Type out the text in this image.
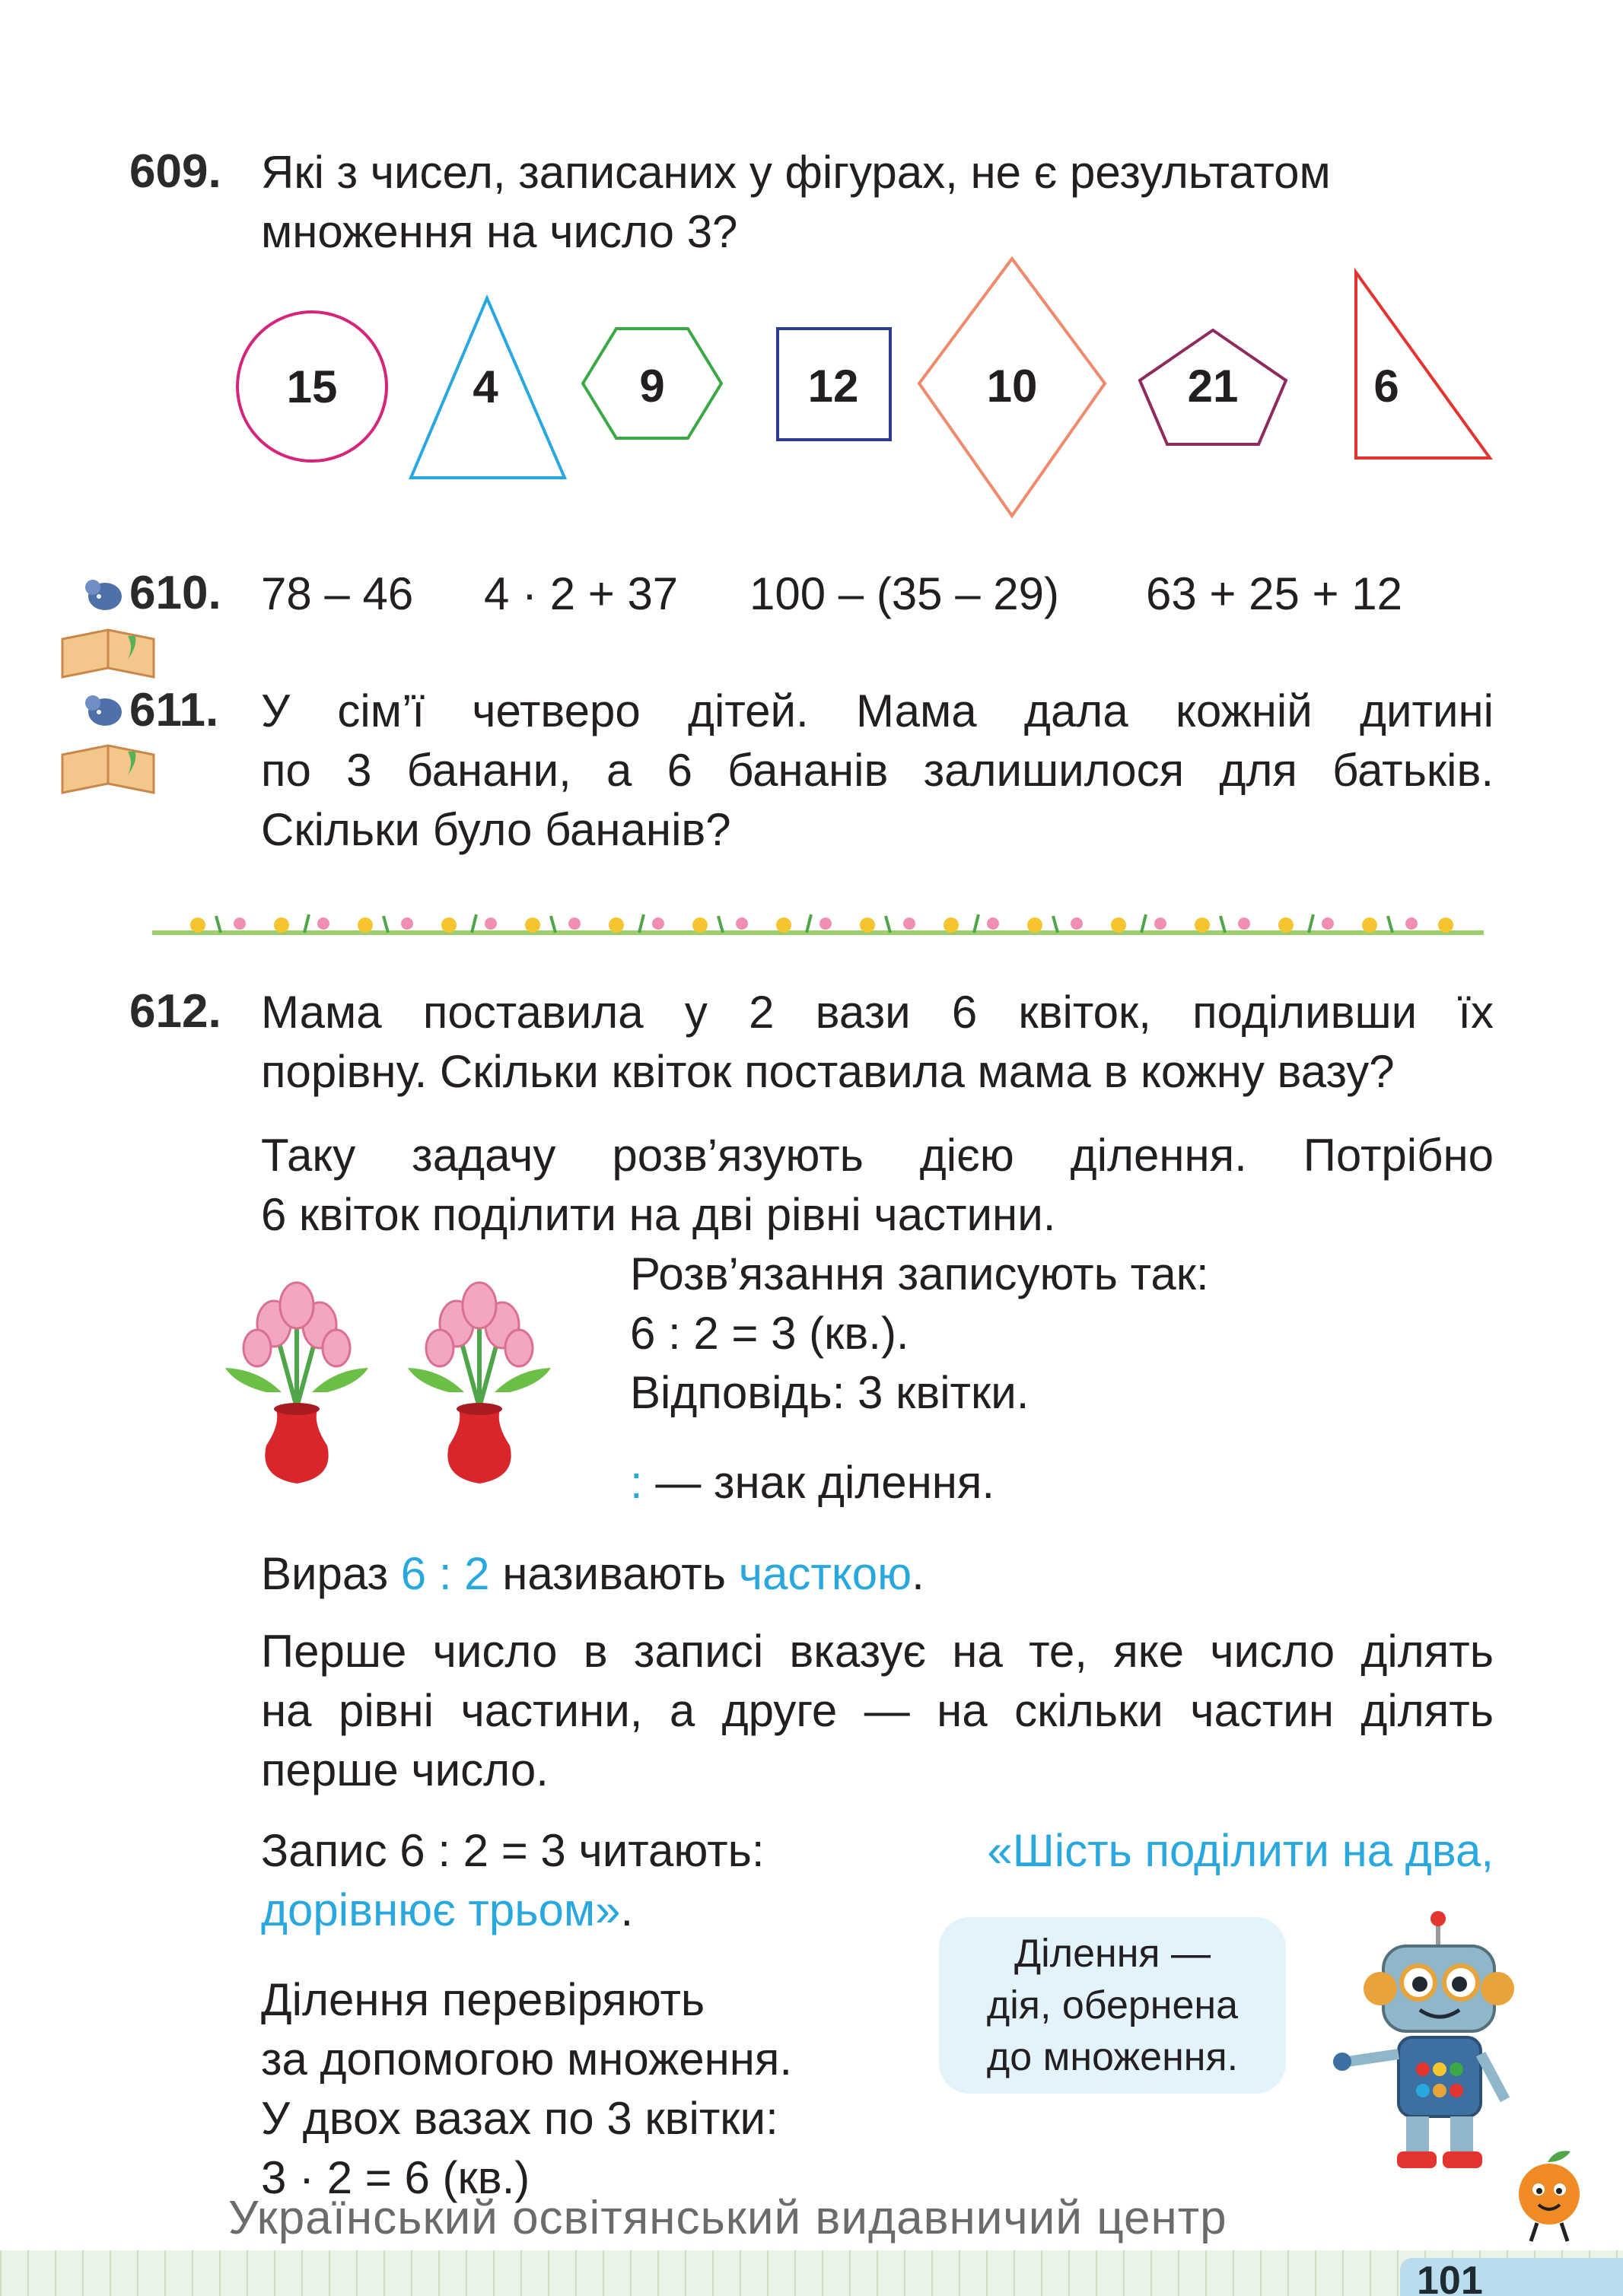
609. Які з чисел, записаних у фігурах, не є результатом
множення на число 3?
15	4	9	12	10	21	6
610. 78 – 46 4 · 2 + 37 100 – (35 – 29) 63 + 25 + 12
611. У сім’ї четверо дітей. Мама дала кожній дитині
по 3 банани, а 6 бананів залишилося для батьків.
Скільки було бананів?
612. Мама поставила у 2 вази 6 квіток, поділивши їх
порівну. Скільки квіток поставила мама в кожну вазу?
Таку задачу розв’язують дією ділення. Потрібно
6 квіток поділити на дві рівні частини.
Розв’язання записують так:
6 : 2 = 3 (кв.).
Відповідь: 3 квітки.
: — знак ділення.
Вираз 6 : 2 називають часткою.
Перше число в записі вказує на те, яке число ділять
на рівні частини, а друге — на скільки частин ділять
перше число.
Запис 6 : 2 = 3 читають:	«Шість поділити на два,
дорівнює трьом».
Ділення перевіряють
за допомогою множення.
У двох вазах по 3 квітки:
3 · 2 = 6 (кв.)
Ділення —
дія, обернена
до множення.
Український освітянський видавничий центр
101
